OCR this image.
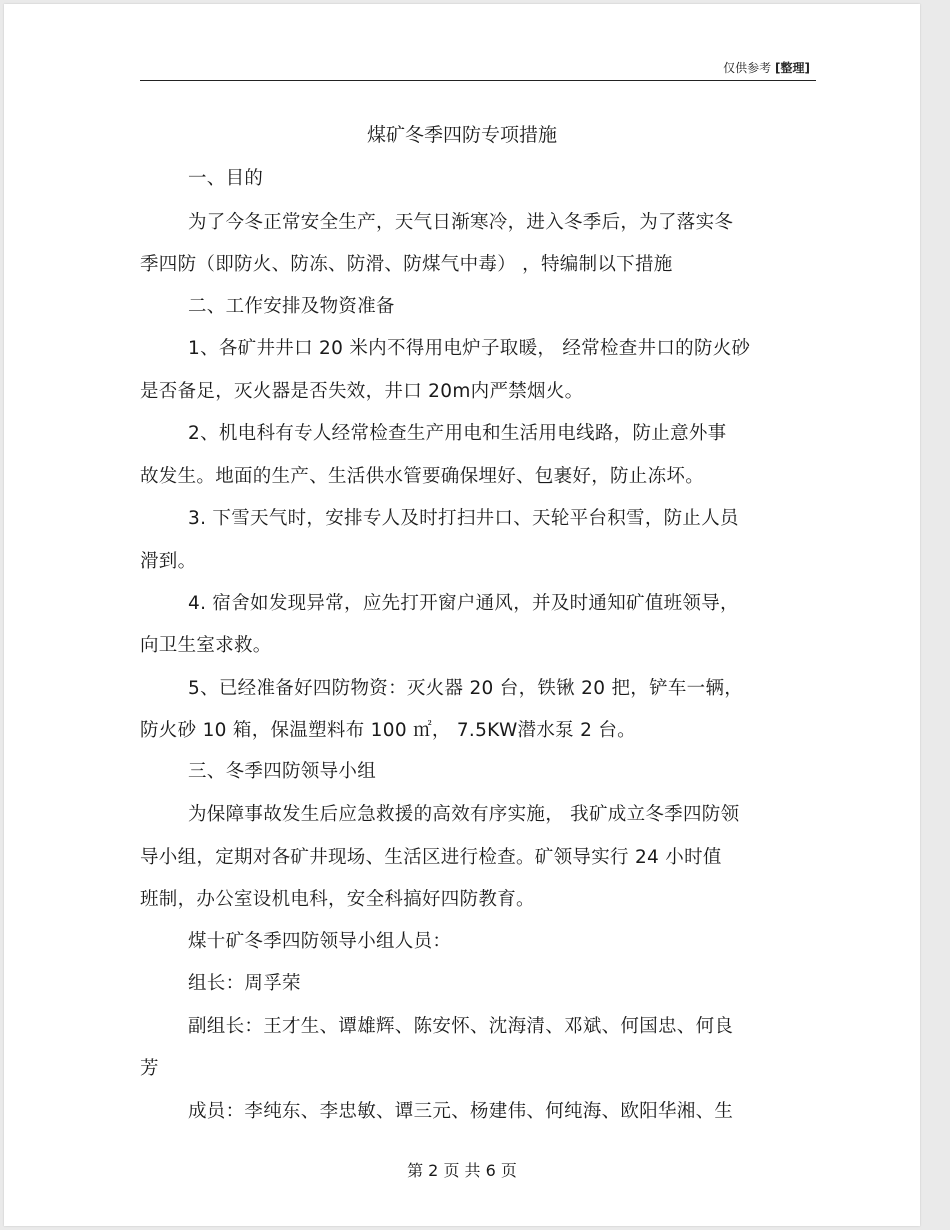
仅供参考 [整理]
煤矿冬季四防专项措施
一、目的
为了今冬正常安全生产，天气日渐寒冷，进入冬季后，为了落实冬
季四防（即防火、防冻、防滑、防煤气中毒） ，特编制以下措施
二、工作安排及物资准备
1、各矿井井口 20 米内不得用电炉子取暖， 经常检查井口的防火砂
是否备足，灭火器是否失效，井口 20m内严禁烟火。
2、机电科有专人经常检查生产用电和生活用电线路，防止意外事
故发生。地面的生产、生活供水管要确保埋好、包裹好，防止冻坏。
3. 下雪天气时，安排专人及时打扫井口、天轮平台积雪，防止人员
滑到。
4. 宿舍如发现异常，应先打开窗户通风，并及时通知矿值班领导，
向卫生室求救。
5、已经准备好四防物资：灭火器 20 台，铁锹 20 把，铲车一辆，
防火砂 10 箱，保温塑料布 100 ㎡， 7.5KW潜水泵 2 台。
三、冬季四防领导小组
为保障事故发生后应急救援的高效有序实施， 我矿成立冬季四防领
导小组，定期对各矿井现场、生活区进行检查。矿领导实行 24 小时值
班制，办公室设机电科，安全科搞好四防教育。
煤十矿冬季四防领导小组人员：
组长：周孚荣
副组长：王才生、谭雄辉、陈安怀、沈海清、邓斌、何国忠、何良
芳
成员：李纯东、李忠敏、谭三元、杨建伟、何纯海、欧阳华湘、生
第 2 页 共 6 页
